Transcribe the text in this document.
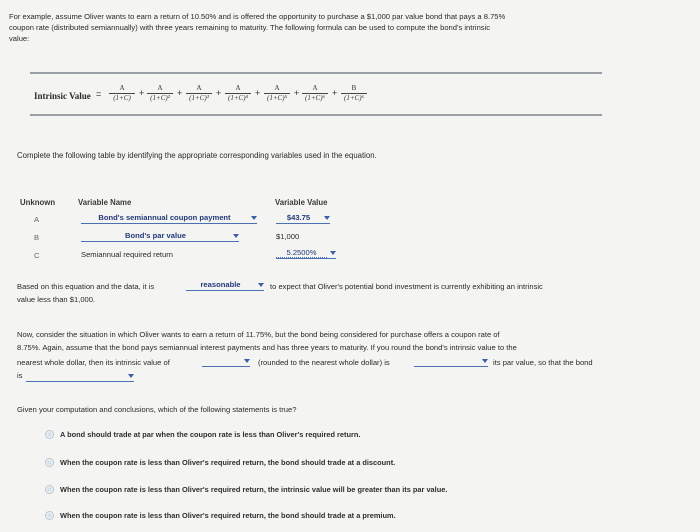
For example, assume Oliver wants to earn a return of 10.50% and is offered the opportunity to purchase a $1,000 par value bond that pays a 8.75%
coupon rate (distributed semiannually) with three years remaining to maturity. The following formula can be used to compute the bond's intrinsic
value:
Intrinsic Value =
A
(1+C) +	A
(1+C)² +	A
(1+C)³ +	A
(1+C)⁴ +	A
(1+C)⁵ +	A
(1+C)⁶ +	B
(1+C)⁶
Complete the following table by identifying the appropriate corresponding variables used in the equation.
Unknown	Variable Name	Variable Value
A	Bond's semiannual coupon payment	$43.75
B	Bond's par value	$1,000
C	Semiannual required return	5.2500%
Based on this equation and the data, it is	reasonable	to expect that Oliver's potential bond investment is currently exhibiting an intrinsic
value less than $1,000.
Now, consider the situation in which Oliver wants to earn a return of 11.75%, but the bond being considered for purchase offers a coupon rate of
8.75%. Again, assume that the bond pays semiannual interest payments and has three years to maturity. If you round the bond's intrinsic value to the
nearest whole dollar, then its intrinsic value of	(rounded to the nearest whole dollar) is	its par value, so that the bond
is
Given your computation and conclusions, which of the following statements is true?
A bond should trade at par when the coupon rate is less than Oliver's required return.
When the coupon rate is less than Oliver's required return, the bond should trade at a discount.
When the coupon rate is less than Oliver's required return, the intrinsic value will be greater than its par value.
When the coupon rate is less than Oliver's required return, the bond should trade at a premium.
